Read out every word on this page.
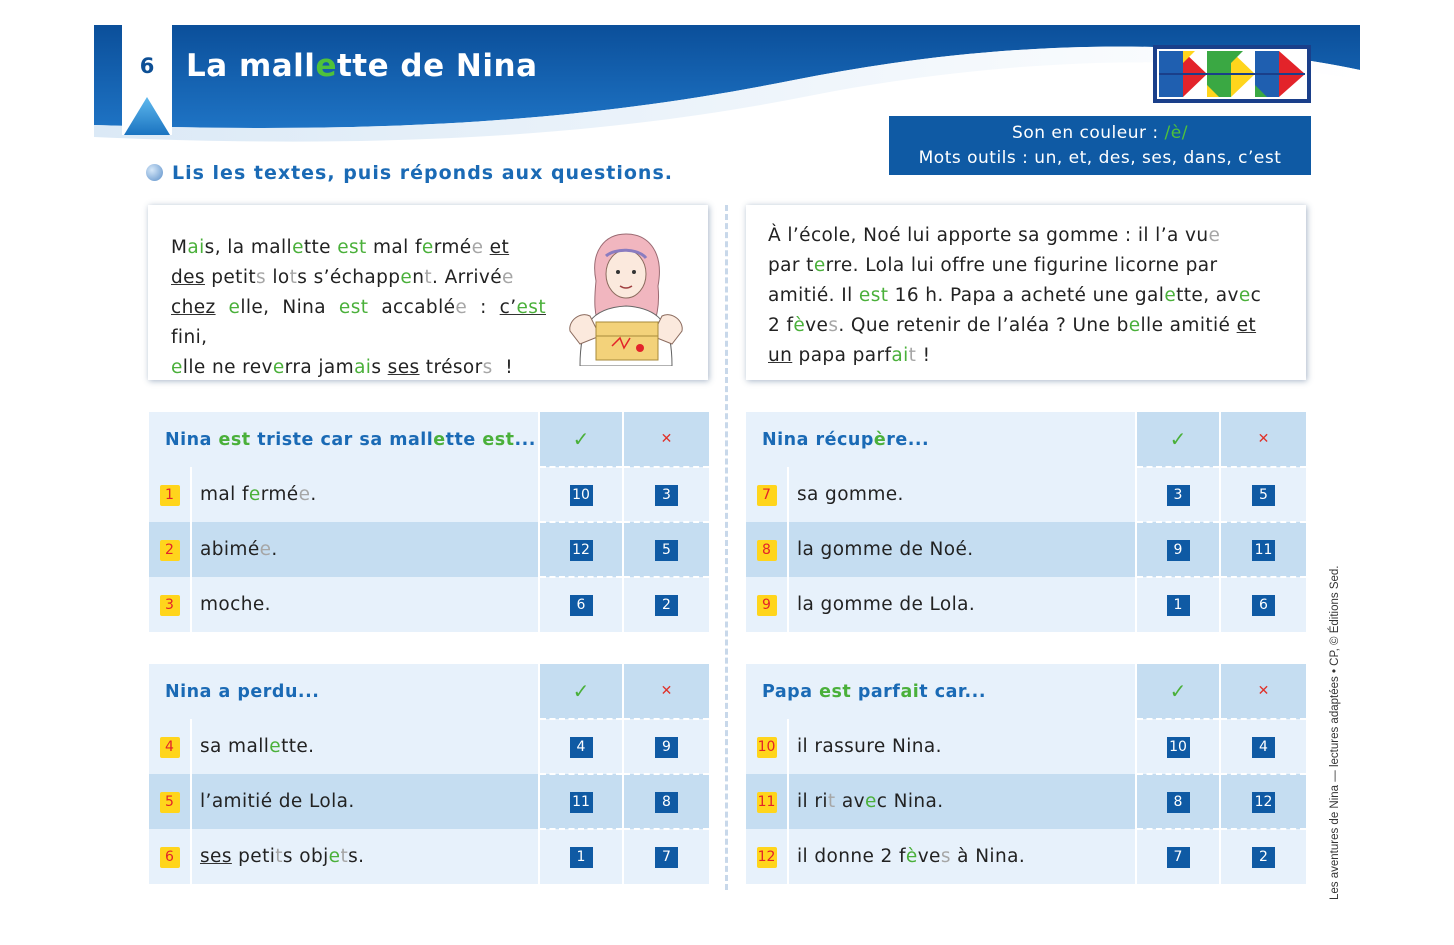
6	La mallette de Nina
Son en couleur : /è/
Mots outils : un, et, des, ses, dans, c’est
Lis les textes, puis réponds aux questions.

Mais, la mallette est mal fermée et

des petits lots s’échappent. Arrivée

chez elle, Nina est accablée : c’est fini,

elle ne reverra jamais ses trésors  !

À l’école, Noé lui apporte sa gomme : il l’a vue

par terre. Lola lui offre une figurine licorne par

amitié. Il est 16 h. Papa a acheté une galette, avec

2 fèves. Que retenir de l’aléa ? Une belle amitié et

un papa parfait !

Nina est triste car sa mallette est...		✓	✕
1	mal fermée.	10	3
2	abimée.	12	5
3	moche.	6	2
Nina a perdu...		✓	✕
4	sa mallette.	4	9
5	l’amitié de Lola.	11	8
6	ses petits objets.	1	7
Nina récupère...		✓	✕
7	sa gomme.	3	5
8	la gomme de Noé.	9	11
9	la gomme de Lola.	1	6
Papa est parfait car...		✓	✕
10	il rassure Nina.	10	4
11	il rit avec Nina.	8	12
12	il donne 2 fèves à Nina.	7	2	Les aventures de Nina — lectures adaptées • CP, © Éditions Sed.
